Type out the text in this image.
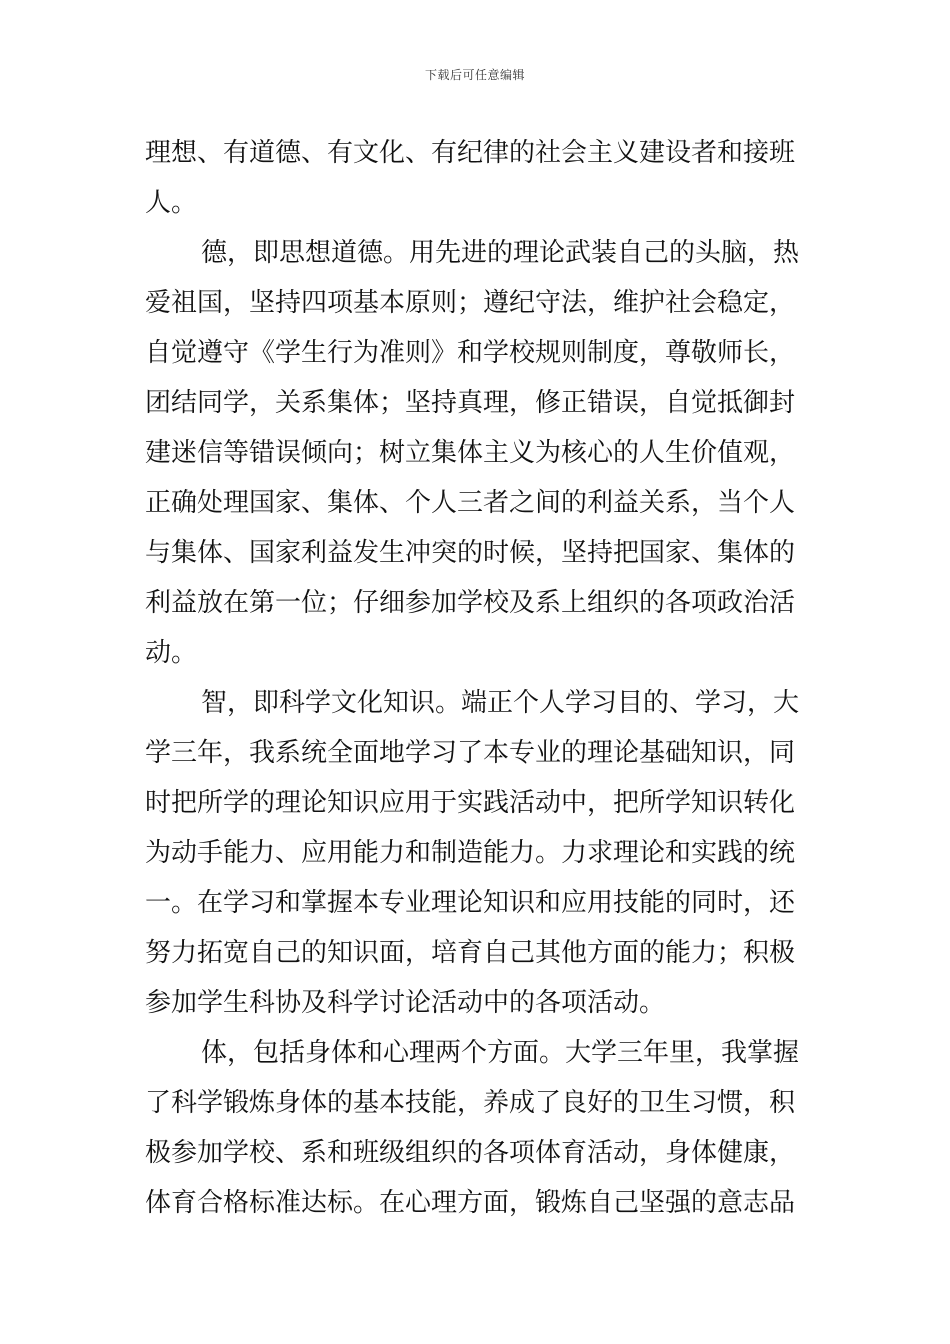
下载后可任意编辑
理想、有道德、有文化、有纪律的社会主义建设者和接班
人。
德，即思想道德。用先进的理论武装自己的头脑，热
爱祖国，坚持四项基本原则；遵纪守法，维护社会稳定，
自觉遵守《学生行为准则》和学校规则制度，尊敬师长，
团结同学，关系集体；坚持真理，修正错误，自觉抵御封
建迷信等错误倾向；树立集体主义为核心的人生价值观，
正确处理国家、集体、个人三者之间的利益关系，当个人
与集体、国家利益发生冲突的时候，坚持把国家、集体的
利益放在第一位；仔细参加学校及系上组织的各项政治活
动。
智，即科学文化知识。端正个人学习目的、学习，大
学三年，我系统全面地学习了本专业的理论基础知识，同
时把所学的理论知识应用于实践活动中，把所学知识转化
为动手能力、应用能力和制造能力。力求理论和实践的统
一。在学习和掌握本专业理论知识和应用技能的同时，还
努力拓宽自己的知识面，培育自己其他方面的能力；积极
参加学生科协及科学讨论活动中的各项活动。
体，包括身体和心理两个方面。大学三年里，我掌握
了科学锻炼身体的基本技能，养成了良好的卫生习惯，积
极参加学校、系和班级组织的各项体育活动，身体健康，
体育合格标准达标。在心理方面，锻炼自己坚强的意志品
